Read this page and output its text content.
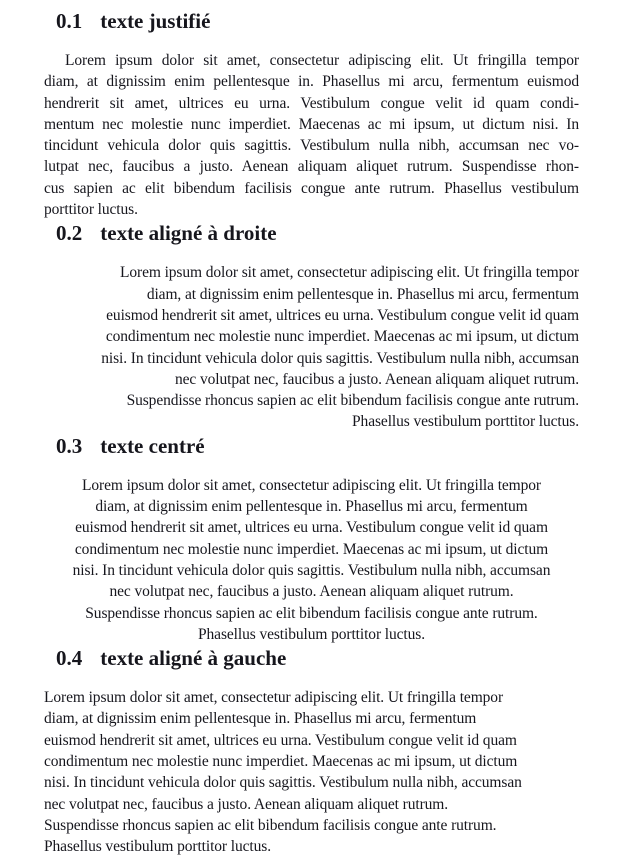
0.1 texte justifié
Lorem ipsum dolor sit amet, consectetur adipiscing elit. Ut fringilla tempor
diam, at dignissim enim pellentesque in. Phasellus mi arcu, fermentum euismod
hendrerit sit amet, ultrices eu urna. Vestibulum congue velit id quam condi-
mentum nec molestie nunc imperdiet. Maecenas ac mi ipsum, ut dictum nisi. In
tincidunt vehicula dolor quis sagittis. Vestibulum nulla nibh, accumsan nec vo-
lutpat nec, faucibus a justo. Aenean aliquam aliquet rutrum. Suspendisse rhon-
cus sapien ac elit bibendum facilisis congue ante rutrum. Phasellus vestibulum
porttitor luctus.
0.2 texte aligné à droite
Lorem ipsum dolor sit amet, consectetur adipiscing elit. Ut fringilla tempor
diam, at dignissim enim pellentesque in. Phasellus mi arcu, fermentum
euismod hendrerit sit amet, ultrices eu urna. Vestibulum congue velit id quam
condimentum nec molestie nunc imperdiet. Maecenas ac mi ipsum, ut dictum
nisi. In tincidunt vehicula dolor quis sagittis. Vestibulum nulla nibh, accumsan
nec volutpat nec, faucibus a justo. Aenean aliquam aliquet rutrum.
Suspendisse rhoncus sapien ac elit bibendum facilisis congue ante rutrum.
Phasellus vestibulum porttitor luctus.
0.3 texte centré
Lorem ipsum dolor sit amet, consectetur adipiscing elit. Ut fringilla tempor
diam, at dignissim enim pellentesque in. Phasellus mi arcu, fermentum
euismod hendrerit sit amet, ultrices eu urna. Vestibulum congue velit id quam
condimentum nec molestie nunc imperdiet. Maecenas ac mi ipsum, ut dictum
nisi. In tincidunt vehicula dolor quis sagittis. Vestibulum nulla nibh, accumsan
nec volutpat nec, faucibus a justo. Aenean aliquam aliquet rutrum.
Suspendisse rhoncus sapien ac elit bibendum facilisis congue ante rutrum.
Phasellus vestibulum porttitor luctus.
0.4 texte aligné à gauche
Lorem ipsum dolor sit amet, consectetur adipiscing elit. Ut fringilla tempor
diam, at dignissim enim pellentesque in. Phasellus mi arcu, fermentum
euismod hendrerit sit amet, ultrices eu urna. Vestibulum congue velit id quam
condimentum nec molestie nunc imperdiet. Maecenas ac mi ipsum, ut dictum
nisi. In tincidunt vehicula dolor quis sagittis. Vestibulum nulla nibh, accumsan
nec volutpat nec, faucibus a justo. Aenean aliquam aliquet rutrum.
Suspendisse rhoncus sapien ac elit bibendum facilisis congue ante rutrum.
Phasellus vestibulum porttitor luctus.
